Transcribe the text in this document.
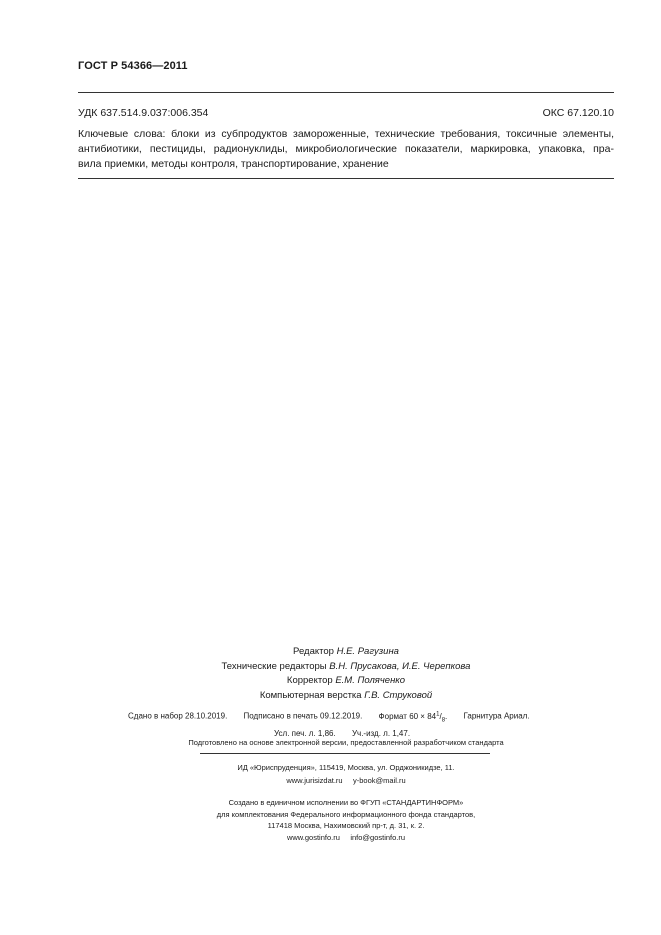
ГОСТ Р 54366—2011
УДК 637.514.9.037:006.354	ОКС 67.120.10
Ключевые слова: блоки из субпродуктов замороженные, технические требования, токсичные элементы,
антибиотики, пестициды, радионуклиды, микробиологические показатели, маркировка, упаковка, пра-
вила приемки, методы контроля, транспортирование, хранение
Редактор Н.Е. Рагузина
Технические редакторы В.Н. Прусакова, И.Е. Черепкова
Корректор Е.М. Поляченко
Компьютерная верстка Г.В. Струковой
Сдано в набор 28.10.2019. Подписано в печать 09.12.2019. Формат $60 \times 84^1/_8$. Гарнитура Ариал.
Усл. печ. л. 1,86. Уч.-изд. л. 1,47.
Подготовлено на основе электронной версии, предоставленной разработчиком стандарта
ИД «Юриспруденция», 115419, Москва, ул. Орджоникидзе, 11.
www.jurisizdat.ru y-book@mail.ru
Создано в единичном исполнении во ФГУП «СТАНДАРТИНФОРМ»
для комплектования Федерального информационного фонда стандартов,
117418 Москва, Нахимовский пр-т, д. 31, к. 2.
www.gostinfo.ru info@gostinfo.ru
